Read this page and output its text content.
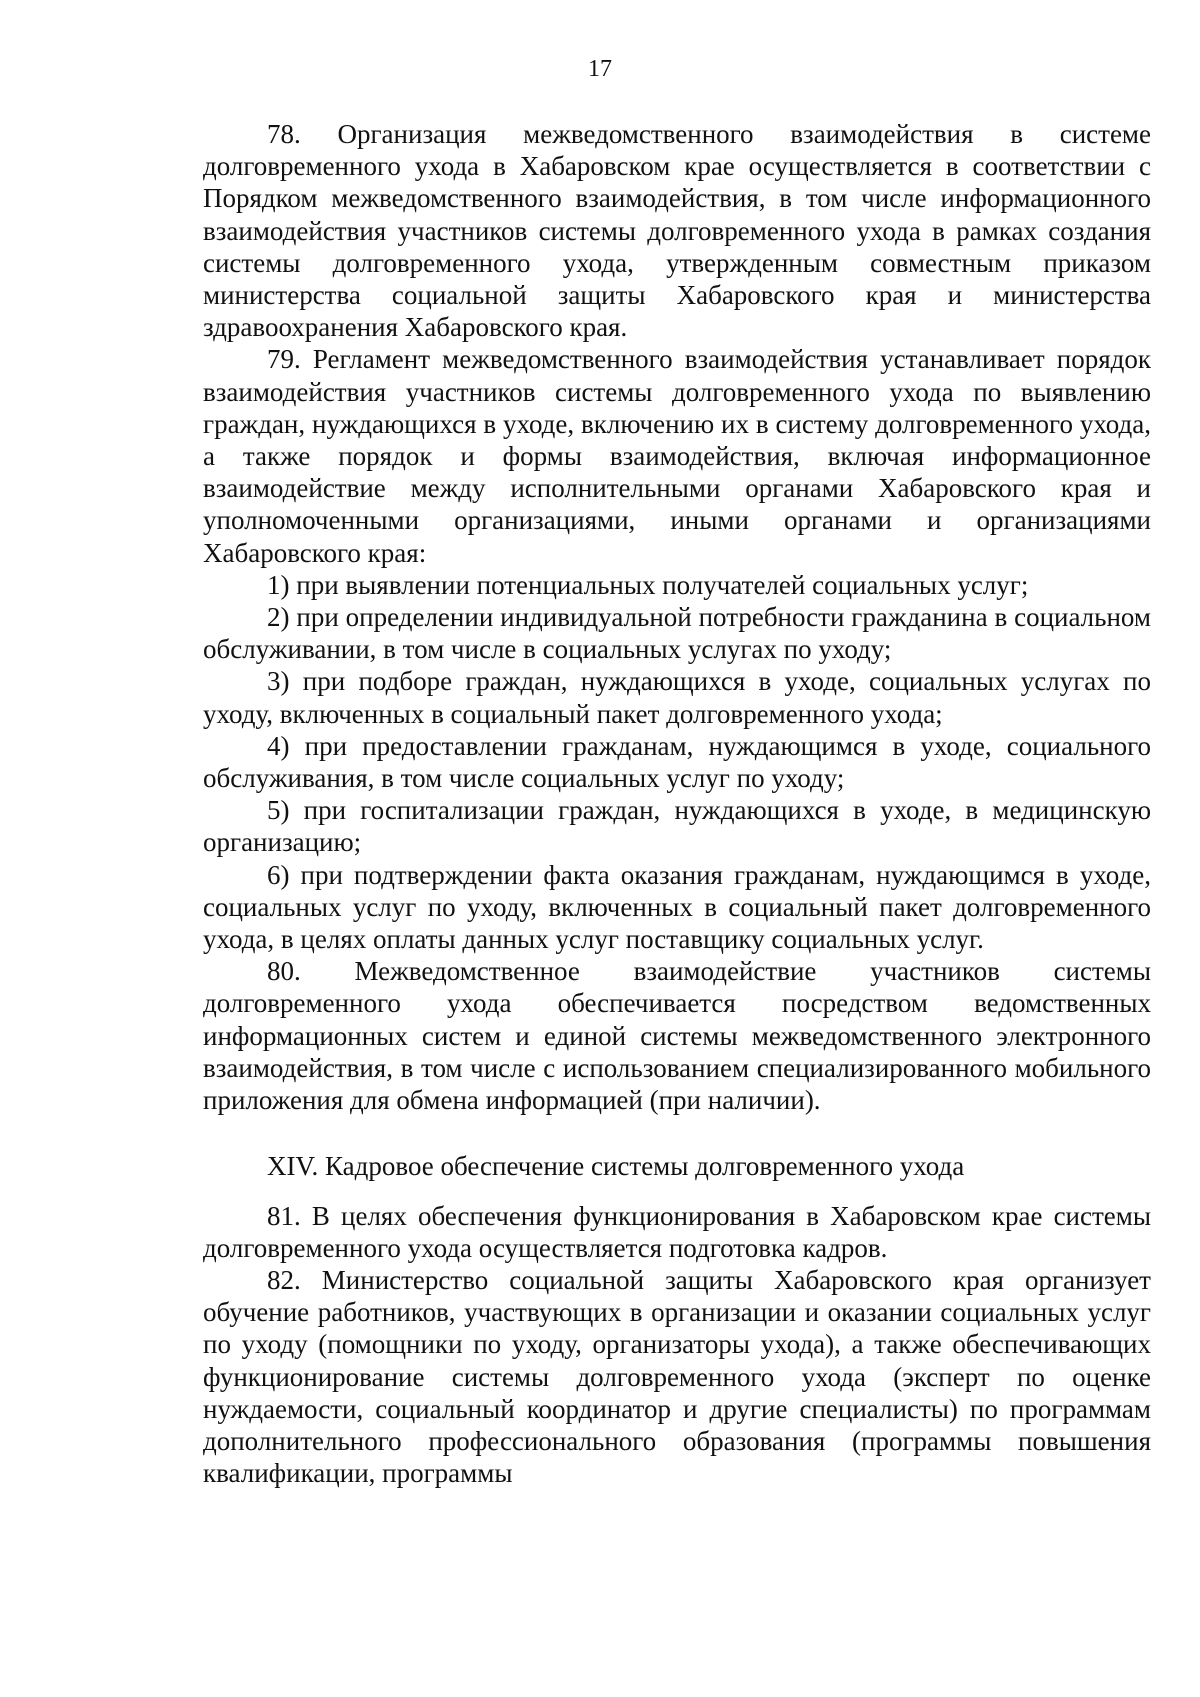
17

78. Организация межведомственного взаимодействия в системе долговременного ухода в Хабаровском крае осуществляется в соответствии с Порядком межведомственного взаимодействия, в том числе информационного взаимодействия участников системы долговременного ухода в рамках создания системы долговременного ухода, утвержденным совместным приказом министерства социальной защиты Хабаровского края и министерства здравоохранения Хабаровского края.

79. Регламент межведомственного взаимодействия устанавливает порядок взаимодействия участников системы долговременного ухода по выявлению граждан, нуждающихся в уходе, включению их в систему долговременного ухода, а также порядок и формы взаимодействия, включая информационное взаимодействие между исполнительными органами Хабаровского края и уполномоченными организациями, иными органами и организациями Хабаровского края:

1) при выявлении потенциальных получателей социальных услуг;

2) при определении индивидуальной потребности гражданина в социальном обслуживании, в том числе в социальных услугах по уходу;

3) при подборе граждан, нуждающихся в уходе, социальных услугах по уходу, включенных в социальный пакет долговременного ухода;

4) при предоставлении гражданам, нуждающимся в уходе, социального обслуживания, в том числе социальных услуг по уходу;

5) при госпитализации граждан, нуждающихся в уходе, в медицинскую организацию;

6) при подтверждении факта оказания гражданам, нуждающимся в уходе, социальных услуг по уходу, включенных в социальный пакет долговременного ухода, в целях оплаты данных услуг поставщику социальных услуг.

80. Межведомственное взаимодействие участников системы долговременного ухода обеспечивается посредством ведомственных информационных систем и единой системы межведомственного электронного взаимодействия, в том числе с использованием специализированного мобильного приложения для обмена информацией (при наличии).

XIV. Кадровое обеспечение системы долговременного ухода

81. В целях обеспечения функционирования в Хабаровском крае системы долговременного ухода осуществляется подготовка кадров.

82. Министерство социальной защиты Хабаровского края организует обучение работников, участвующих в организации и оказании социальных услуг по уходу (помощники по уходу, организаторы ухода), а также обеспечивающих функционирование системы долговременного ухода (эксперт по оценке нуждаемости, социальный координатор и другие специалисты) по программам дополнительного профессионального образования (программы повышения квалификации, программы
